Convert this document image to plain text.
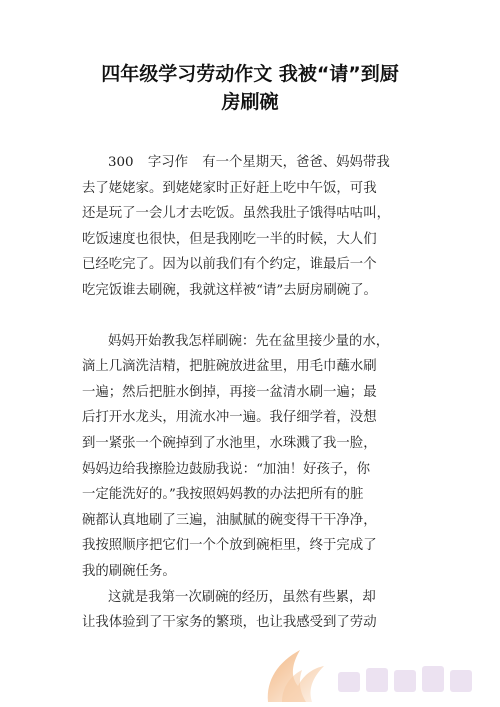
四年级学习劳动作文 我被“请”到厨
房刷碗
300 字习作 有一个星期天，爸爸、妈妈带我
去了姥姥家。到姥姥家时正好赶上吃中午饭，可我
还是玩了一会儿才去吃饭。虽然我肚子饿得咕咕叫，
吃饭速度也很快，但是我刚吃一半的时候，大人们
已经吃完了。因为以前我们有个约定，谁最后一个
吃完饭谁去刷碗，我就这样被“请”去厨房刷碗了。
妈妈开始教我怎样刷碗：先在盆里接少量的水，
滴上几滴洗洁精，把脏碗放进盆里，用毛巾蘸水刷
一遍；然后把脏水倒掉，再接一盆清水刷一遍；最
后打开水龙头，用流水冲一遍。我仔细学着，没想
到一紧张一个碗掉到了水池里，水珠溅了我一脸，
妈妈边给我擦脸边鼓励我说：“加油！好孩子，你
一定能洗好的。”我按照妈妈教的办法把所有的脏
碗都认真地刷了三遍，油腻腻的碗变得干干净净，
我按照顺序把它们一个个放到碗柜里，终于完成了
我的刷碗任务。
这就是我第一次刷碗的经历，虽然有些累，却
让我体验到了干家务的繁琐，也让我感受到了劳动
